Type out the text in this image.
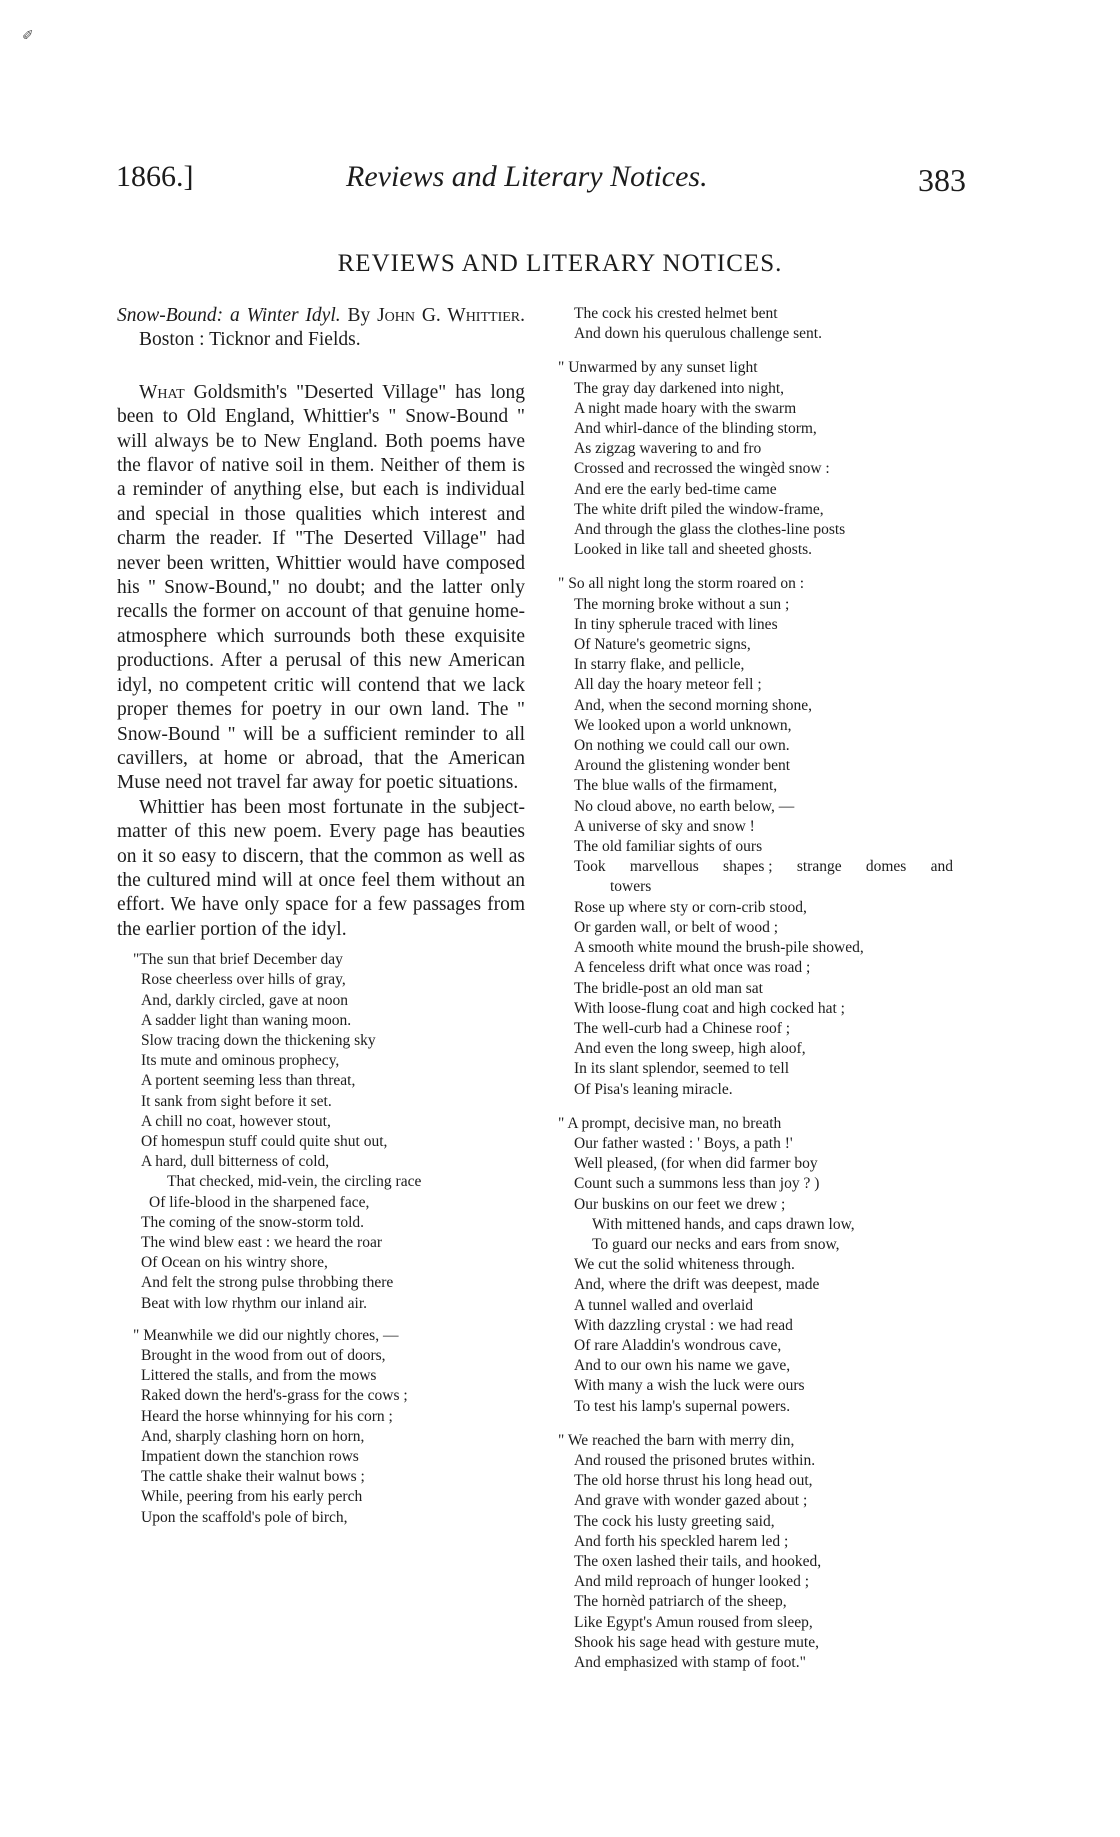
✐
1866.]	Reviews and Literary Notices.	383
REVIEWS AND LITERARY NOTICES.

Snow-Bound: a Winter Idyl. By John G. Whittier. Boston : Ticknor and Fields.

What Goldsmith's "Deserted Village" has long been to Old England, Whittier's " Snow-Bound " will always be to New England. Both poems have the flavor of native soil in them. Neither of them is a reminder of anything else, but each is individual and special in those qualities which interest and charm the reader. If "The Deserted Village" had never been written, Whittier would have composed his " Snow-Bound," no doubt; and the latter only recalls the former on account of that genuine home-atmosphere which surrounds both these exquisite productions. After a perusal of this new American idyl, no competent critic will contend that we lack proper themes for poetry in our own land. The " Snow-Bound " will be a sufficient reminder to all cavillers, at home or abroad, that the American Muse need not travel far away for poetic situations.

Whittier has been most fortunate in the subject-matter of this new poem. Every page has beauties on it so easy to discern, that the common as well as the cultured mind will at once feel them without an effort. We have only space for a few passages from the earlier portion of the idyl.

"The sun that brief December day
Rose cheerless over hills of gray,
And, darkly circled, gave at noon
A sadder light than waning moon.
Slow tracing down the thickening sky
Its mute and ominous prophecy,
A portent seeming less than threat,
It sank from sight before it set.
A chill no coat, however stout,
Of homespun stuff could quite shut out,
A hard, dull bitterness of cold,
That checked, mid-vein, the circling race
Of life-blood in the sharpened face,
The coming of the snow-storm told.
The wind blew east : we heard the roar
Of Ocean on his wintry shore,
And felt the strong pulse throbbing there
Beat with low rhythm our inland air.

" Meanwhile we did our nightly chores, —
Brought in the wood from out of doors,
Littered the stalls, and from the mows
Raked down the herd's-grass for the cows ;
Heard the horse whinnying for his corn ;
And, sharply clashing horn on horn,
Impatient down the stanchion rows
The cattle shake their walnut bows ;
While, peering from his early perch
Upon the scaffold's pole of birch,
The cock his crested helmet bent
And down his querulous challenge sent.
" Unwarmed by any sunset light
The gray day darkened into night,
A night made hoary with the swarm
And whirl-dance of the blinding storm,
As zigzag wavering to and fro
Crossed and recrossed the wingèd snow :
And ere the early bed-time came
The white drift piled the window-frame,
And through the glass the clothes-line posts
Looked in like tall and sheeted ghosts.
" So all night long the storm roared on :
The morning broke without a sun ;
In tiny spherule traced with lines
Of Nature's geometric signs,
In starry flake, and pellicle,
All day the hoary meteor fell ;
And, when the second morning shone,
We looked upon a world unknown,
On nothing we could call our own.
Around the glistening wonder bent
The blue walls of the firmament,
No cloud above, no earth below, —
A universe of sky and snow !
The old familiar sights of ours
Took marvellous shapes ; strange domes and
towers
Rose up where sty or corn-crib stood,
Or garden wall, or belt of wood ;
A smooth white mound the brush-pile showed,
A fenceless drift what once was road ;
The bridle-post an old man sat
With loose-flung coat and high cocked hat ;
The well-curb had a Chinese roof ;
And even the long sweep, high aloof,
In its slant splendor, seemed to tell
Of Pisa's leaning miracle.
" A prompt, decisive man, no breath
Our father wasted : ' Boys, a path !'
Well pleased, (for when did farmer boy
Count such a summons less than joy ? )
Our buskins on our feet we drew ;
With mittened hands, and caps drawn low,
To guard our necks and ears from snow,
We cut the solid whiteness through.
And, where the drift was deepest, made
A tunnel walled and overlaid
With dazzling crystal : we had read
Of rare Aladdin's wondrous cave,
And to our own his name we gave,
With many a wish the luck were ours
To test his lamp's supernal powers.
" We reached the barn with merry din,
And roused the prisoned brutes within.
The old horse thrust his long head out,
And grave with wonder gazed about ;
The cock his lusty greeting said,
And forth his speckled harem led ;
The oxen lashed their tails, and hooked,
And mild reproach of hunger looked ;
The hornèd patriarch of the sheep,
Like Egypt's Amun roused from sleep,
Shook his sage head with gesture mute,
And emphasized with stamp of foot."
